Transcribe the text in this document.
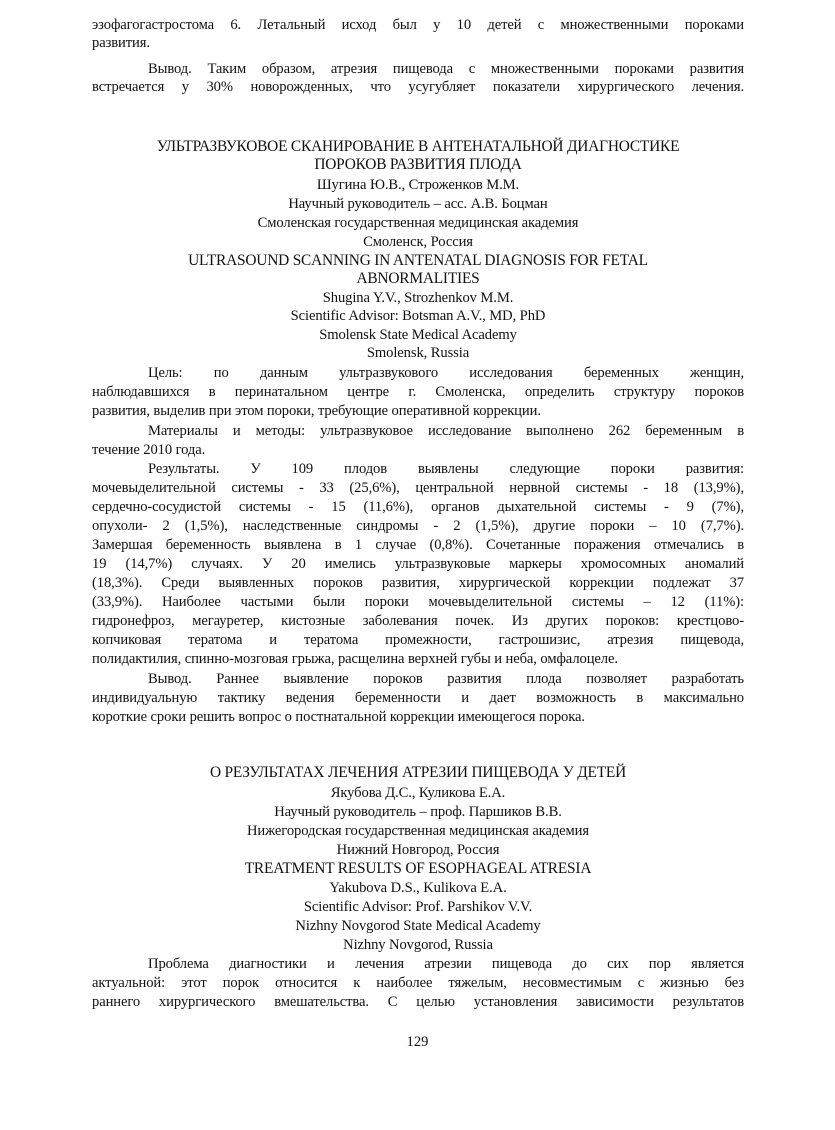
эзофагогастростома 6. Летальный исход был у 10 детей с множественными пороками
развития.
Вывод. Таким образом, атрезия пищевода с множественными пороками развития
встречается у 30% новорожденных, что усугубляет показатели хирургического лечения.
УЛЬТРАЗВУКОВОЕ СКАНИРОВАНИЕ В АНТЕНАТАЛЬНОЙ ДИАГНОСТИКЕ
ПОРОКОВ РАЗВИТИЯ ПЛОДА
Шугина Ю.В., Строженков М.М.
Научный руководитель – асс. А.В. Боцман
Смоленская государственная медицинская академия
Смоленск, Россия
ULTRASOUND SCANNING IN ANTENATAL DIAGNOSIS FOR FETAL
ABNORMALITIES
Shugina Y.V., Strozhenkov M.M.
Scientific Advisor: Botsman A.V., MD, PhD
Smolensk State Medical Academy
Smolensk, Russia
Цель: по данным ультразвукового исследования беременных женщин,
наблюдавшихся в перинатальном центре г. Смоленска, определить структуру пороков
развития, выделив при этом пороки, требующие оперативной коррекции.
Материалы и методы: ультразвуковое исследование выполнено 262 беременным в
течение 2010 года.
Результаты. У 109 плодов выявлены следующие пороки развития:
мочевыделительной системы - 33 (25,6%), центральной нервной системы - 18 (13,9%),
сердечно-сосудистой системы - 15 (11,6%), органов дыхательной системы - 9 (7%),
опухоли- 2 (1,5%), наследственные синдромы - 2 (1,5%), другие пороки – 10 (7,7%).
Замершая беременность выявлена в 1 случае (0,8%). Сочетанные поражения отмечались в
19 (14,7%) случаях. У 20 имелись ультразвуковые маркеры хромосомных аномалий
(18,3%). Среди выявленных пороков развития, хирургической коррекции подлежат 37
(33,9%). Наиболее частыми были пороки мочевыделительной системы – 12 (11%):
гидронефроз, мегауретер, кистозные заболевания почек. Из других пороков: крестцово-
копчиковая тератома и тератома промежности, гастрошизис, атрезия пищевода,
полидактилия, спинно-мозговая грыжа, расщелина верхней губы и неба, омфалоцеле.
Вывод. Раннее выявление пороков развития плода позволяет разработать
индивидуальную тактику ведения беременности и дает возможность в максимально
короткие сроки решить вопрос о постнатальной коррекции имеющегося порока.
О РЕЗУЛЬТАТАХ ЛЕЧЕНИЯ АТРЕЗИИ ПИЩЕВОДА У ДЕТЕЙ
Якубова Д.С., Куликова Е.А.
Научный руководитель – проф. Паршиков В.В.
Нижегородская государственная медицинская академия
Нижний Новгород, Россия
TREATMENT RESULTS OF ESOPHAGEAL ATRESIA
Yakubova D.S., Kulikova E.A.
Scientific Advisor: Prof. Parshikov V.V.
Nizhny Novgorod State Medical Academy
Nizhny Novgorod, Russia
Проблема диагностики и лечения атрезии пищевода до сих пор является
актуальной: этот порок относится к наиболее тяжелым, несовместимым с жизнью без
раннего хирургического вмешательства. С целью установления зависимости результатов
129
